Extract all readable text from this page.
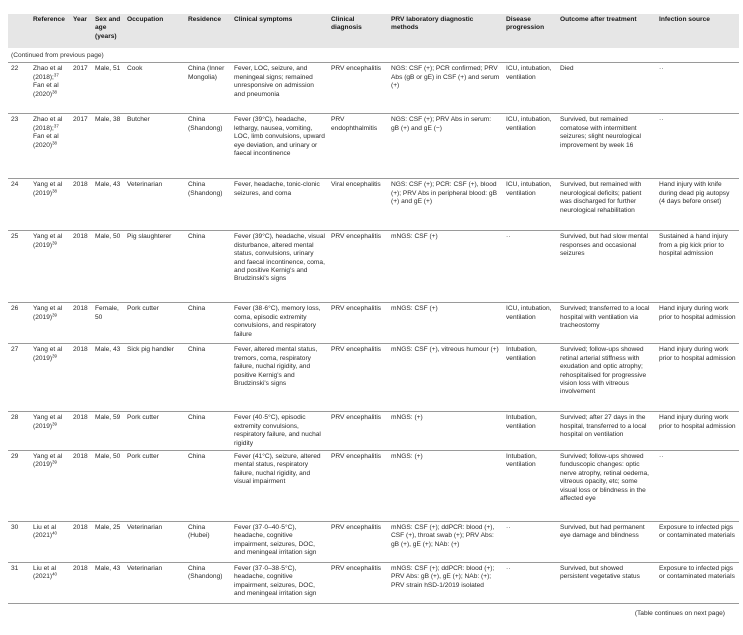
	Reference	Year	Sex and age (years)	Occupation	Residence	Clinical symptoms	Clinical diagnosis	PRV laboratory diagnostic methods	Disease progression	Outcome after treatment	Infection source
(Continued from previous page)											
22	Zhao et al (2018);$^{37}$ Fan et al $(2020)^{38}$	2017	Male, 51	Cook	China (Inner Mongolia)	Fever, LOC, seizure, and meningeal signs; remained unresponsive on admission and pneumonia	PRV encephalitis	NGS: CSF (+); PCR confirmed; PRV Abs (gB or gE) in CSF (+) and serum (+)	ICU, intubation, ventilation	Died	··
23	Zhao et al (2018);$^{37}$ Fan et al $(2020)^{38}$	2017	Male, 38	Butcher	China (Shandong)	Fever (39°C), headache, lethargy, nausea, vomiting, LOC, limb convulsions, upward eye deviation, and urinary or faecal incontinence	PRV endophthalmitis	NGS: CSF (+); PRV Abs in serum: gB (+) and gE (−)	ICU, intubation, ventilation	Survived, but remained comatose with intermittent seizures; slight neurological improvement by week 16	··
24	Yang et al $(2019)^{38}$	2018	Male, 43	Veterinarian	China (Shandong)	Fever, headache, tonic-clonic seizures, and coma	Viral encephalitis	NGS: CSF (+); PCR: CSF (+), blood (+); PRV Abs in peripheral blood: gB (+) and gE (+)	ICU, intubation, ventilation	Survived, but remained with neurological deficits; patient was discharged for further neurological rehabilitation	Hand injury with knife during dead pig autopsy (4 days before onset)
25	Yang et al $(2019)^{39}$	2018	Male, 50	Pig slaughterer	China	Fever (39°C), headache, visual disturbance, altered mental status, convulsions, urinary and faecal incontinence, coma, and positive Kernig's and Brudzinski's signs	PRV encephalitis	mNGS: CSF (+)	··	Survived, but had slow mental responses and occasional seizures	Sustained a hand injury from a pig kick prior to hospital admission
26	Yang et al $(2019)^{39}$	2018	Female, 50	Pork cutter	China	Fever (38·6°C), memory loss, coma, episodic extremity convulsions, and respiratory failure	PRV encephalitis	mNGS: CSF (+)	ICU, intubation, ventilation	Survived; transferred to a local hospital with ventilation via tracheostomy	Hand injury during work prior to hospital admission
27	Yang et al $(2019)^{39}$	2018	Male, 43	Sick pig handler	China	Fever, altered mental status, tremors, coma, respiratory failure, nuchal rigidity, and positive Kernig's and Brudzinski's signs	PRV encephalitis	mNGS: CSF (+), vitreous humour (+)	Intubation, ventilation	Survived; follow-ups showed retinal arterial stiffness with exudation and optic atrophy; rehospitalised for progressive vision loss with vitreous involvement	Hand injury during work prior to hospital admission
28	Yang et al $(2019)^{39}$	2018	Male, 59	Pork cutter	China	Fever (40·5°C), episodic extremity convulsions, respiratory failure, and nuchal rigidity	PRV encephalitis	mNGS: (+)	Intubation, ventilation	Survived; after 27 days in the hospital, transferred to a local hospital on ventilation	Hand injury during work prior to hospital admission
29	Yang et al $(2019)^{39}$	2018	Male, 50	Pork cutter	China	Fever (41°C), seizure, altered mental status, respiratory failure, nuchal rigidity, and visual impairment	PRV encephalitis	mNGS: (+)	Intubation, ventilation	Survived; follow-ups showed funduscopic changes: optic nerve atrophy, retinal oedema, vitreous opacity, etc; some visual loss or blindness in the affected eye	··
30	Liu et al $(2021)^{40}$	2018	Male, 25	Veterinarian	China (Hubei)	Fever (37·0–40·5°C), headache, cognitive impairment, seizures, DOC, and meningeal irritation sign	PRV encephalitis	mNGS: CSF (+); ddPCR: blood (+), CSF (+), throat swab (+); PRV Abs: gB (+), gE (+); NAb: (+)	··	Survived, but had permanent eye damage and blindness	Exposure to infected pigs or contaminated materials
31	Liu et al $(2021)^{40}$	2018	Male, 43	Veterinarian	China (Shandong)	Fever (37·0–38·5°C), headache, cognitive impairment, seizures, DOC, and meningeal irritation sign	PRV encephalitis	mNGS: CSF (+); ddPCR: blood (+); PRV Abs: gB (+), gE (+); NAb: (+); PRV strain hSD-1/2019 isolated	··	Survived, but showed persistent vegetative status	Exposure to infected pigs or contaminated materials
(Table continues on next page)
